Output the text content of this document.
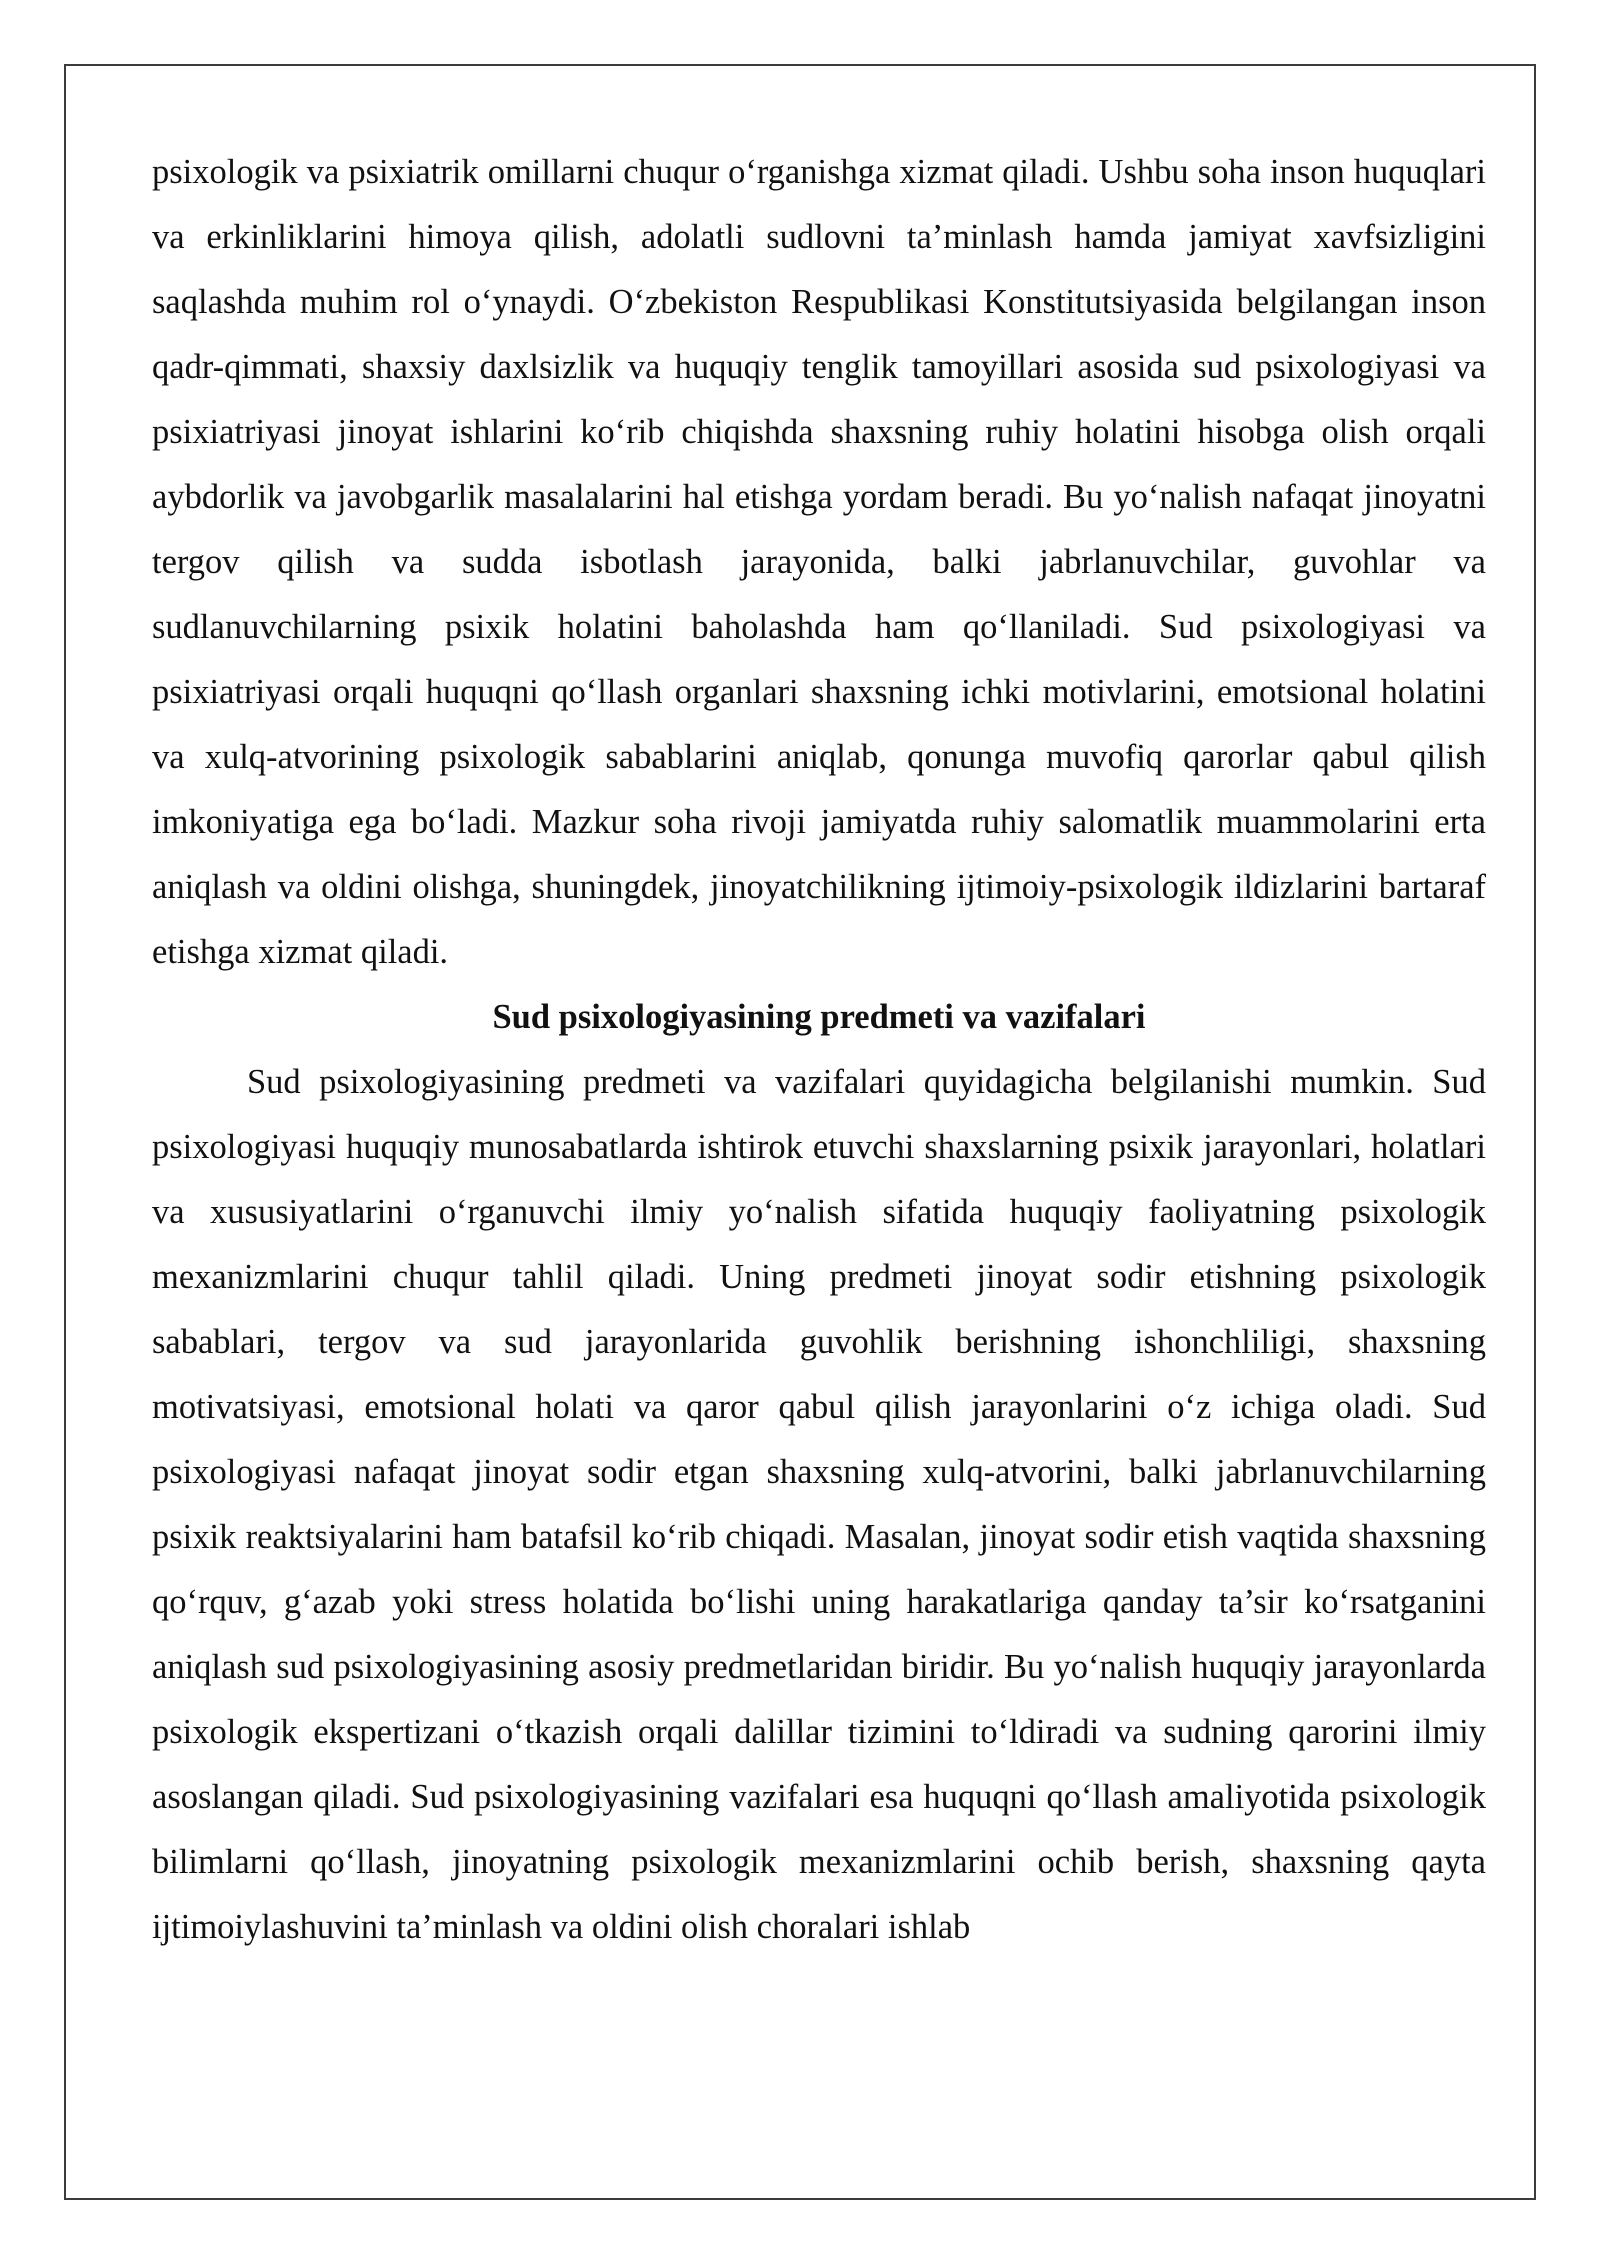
psixologik va psixiatrik omillarni chuqur o‘rganishga xizmat qiladi. Ushbu soha inson huquqlari va erkinliklarini himoya qilish, adolatli sudlovni ta’minlash hamda jamiyat xavfsizligini saqlashda muhim rol o‘ynaydi. O‘zbekiston Respublikasi Konstitutsiyasida belgilangan inson qadr-qimmati, shaxsiy daxlsizlik va huquqiy tenglik tamoyillari asosida sud psixologiyasi va psixiatriyasi jinoyat ishlarini ko‘rib chiqishda shaxsning ruhiy holatini hisobga olish orqali aybdorlik va javobgarlik masalalarini hal etishga yordam beradi. Bu yo‘nalish nafaqat jinoyatni tergov qilish va sudda isbotlash jarayonida, balki jabrlanuvchilar, guvohlar va sudlanuvchilarning psixik holatini baholashda ham qo‘llaniladi. Sud psixologiyasi va psixiatriyasi orqali huquqni qo‘llash organlari shaxsning ichki motivlarini, emotsional holatini va xulq-atvorining psixologik sabablarini aniqlab, qonunga muvofiq qarorlar qabul qilish imkoniyatiga ega bo‘ladi. Mazkur soha rivoji jamiyatda ruhiy salomatlik muammolarini erta aniqlash va oldini olishga, shuningdek, jinoyatchilikning ijtimoiy-psixologik ildizlarini bartaraf etishga xizmat qiladi.

Sud psixologiyasining predmeti va vazifalari

Sud psixologiyasining predmeti va vazifalari quyidagicha belgilanishi mumkin. Sud psixologiyasi huquqiy munosabatlarda ishtirok etuvchi shaxslarning psixik jarayonlari, holatlari va xususiyatlarini o‘rganuvchi ilmiy yo‘nalish sifatida huquqiy faoliyatning psixologik mexanizmlarini chuqur tahlil qiladi. Uning predmeti jinoyat sodir etishning psixologik sabablari, tergov va sud jarayonlarida guvohlik berishning ishonchliligi, shaxsning motivatsiyasi, emotsional holati va qaror qabul qilish jarayonlarini o‘z ichiga oladi. Sud psixologiyasi nafaqat jinoyat sodir etgan shaxsning xulq-atvorini, balki jabrlanuvchilarning psixik reaktsiyalarini ham batafsil ko‘rib chiqadi. Masalan, jinoyat sodir etish vaqtida shaxsning qo‘rquv, g‘azab yoki stress holatida bo‘lishi uning harakatlariga qanday ta’sir ko‘rsatganini aniqlash sud psixologiyasining asosiy predmetlaridan biridir. Bu yo‘nalish huquqiy jarayonlarda psixologik ekspertizani o‘tkazish orqali dalillar tizimini to‘ldiradi va sudning qarorini ilmiy asoslangan qiladi. Sud psixologiyasining vazifalari esa huquqni qo‘llash amaliyotida psixologik bilimlarni qo‘llash, jinoyatning psixologik mexanizmlarini ochib berish, shaxsning qayta ijtimoiylashuvini ta’minlash va oldini olish choralari ishlab
